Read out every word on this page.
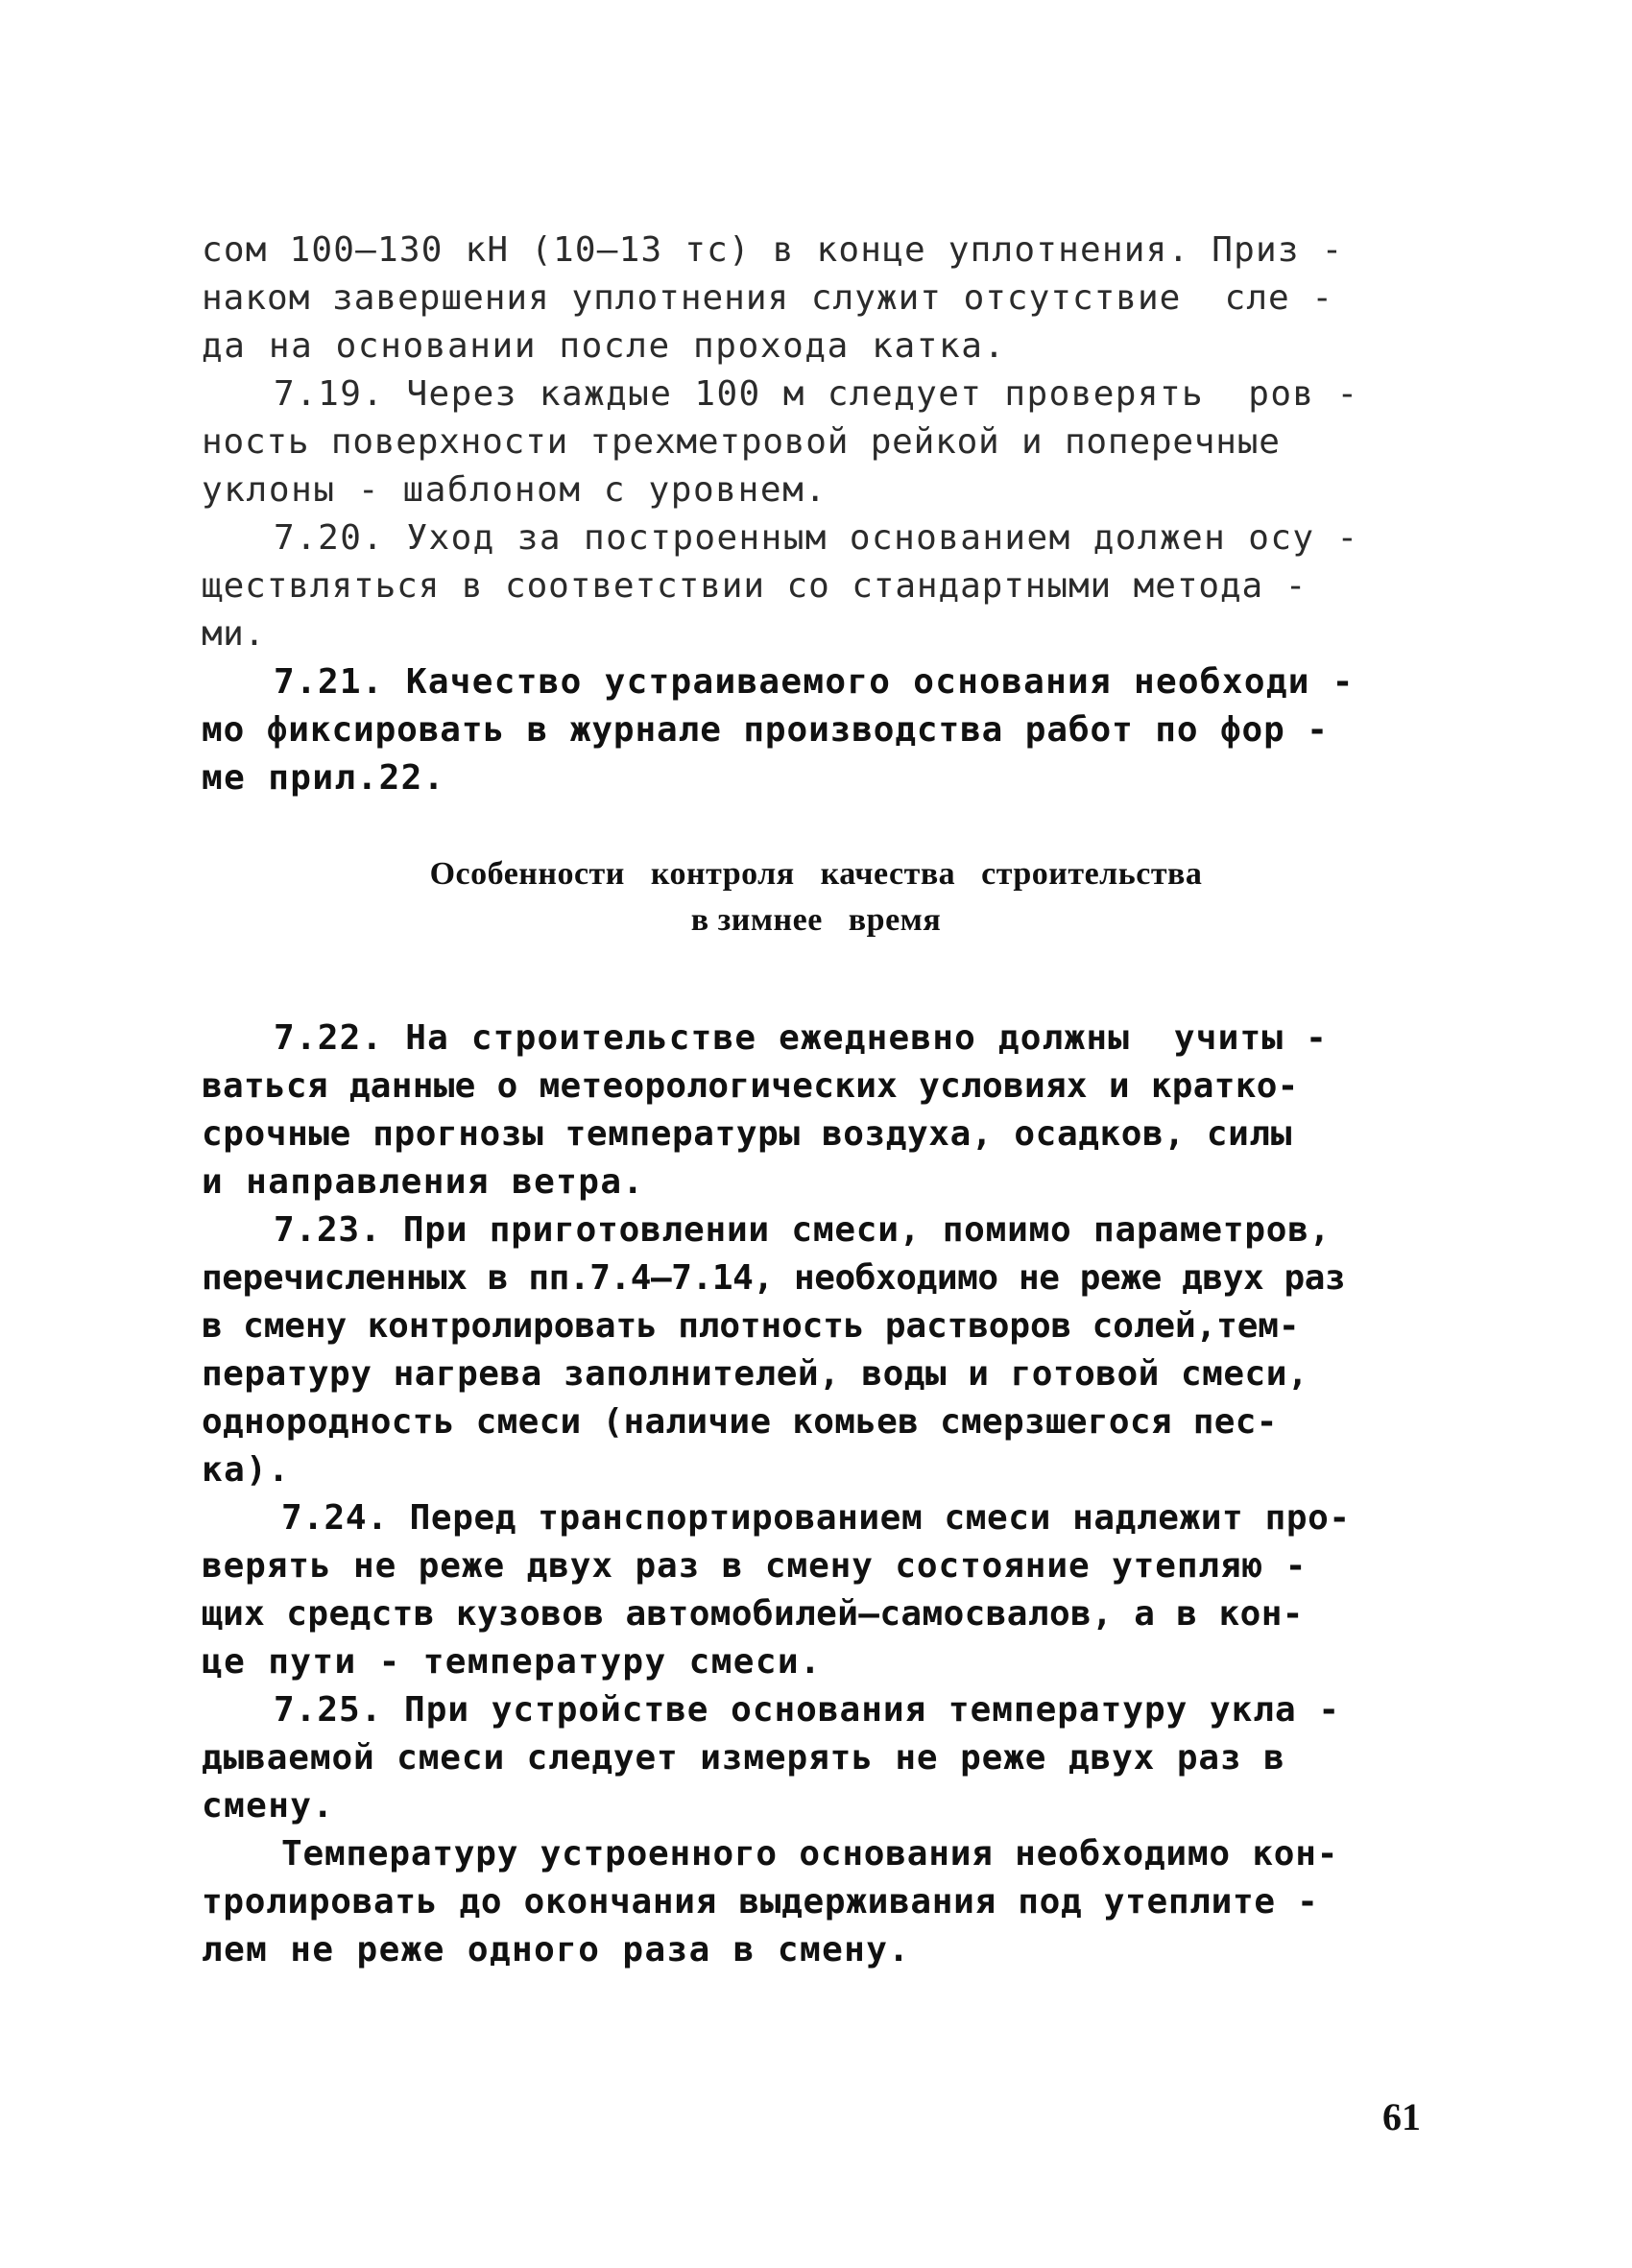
сом 100–130 кН (10–13 тс) в конце уплотнения. Приз -
наком завершения уплотнения служит отсутствие  сле -
да на основании после прохода катка.
7.19. Через каждые 100 м следует проверять  ров -
ность поверхности трехметровой рейкой и поперечные
уклоны - шаблоном с уровнем.
7.20. Уход за построенным основанием должен осу -
ществляться в соответствии со стандартными метода -
ми.
7.21. Качество устраиваемого основания необходи -
мо фиксировать в журнале производства работ по фор -
ме прил.22.
Особенности   контроля   качества   строительства
в зимнее   время
7.22. На строительстве ежедневно должны  учиты -
ваться данные о метеорологических условиях и кратко-
срочные прогнозы температуры воздуха, осадков, силы
и направления ветра.
7.23. При приготовлении смеси, помимо параметров,
перечисленных в пп.7.4–7.14, необходимо не реже двух раз
в смену контролировать плотность растворов солей,тем-
пературу нагрева заполнителей, воды и готовой смеси,
однородность смеси (наличие комьев смерзшегося пес-
ка).
7.24. Перед транспортированием смеси надлежит про-
верять не реже двух раз в смену состояние утепляю -
щих средств кузовов автомобилей–самосвалов, а в кон-
це пути - температуру смеси.
7.25. При устройстве основания температуру укла -
дываемой смеси следует измерять не реже двух раз в
смену.
Температуру устроенного основания необходимо кон-
тролировать до окончания выдерживания под утеплите -
лем не реже одного раза в смену.
61
